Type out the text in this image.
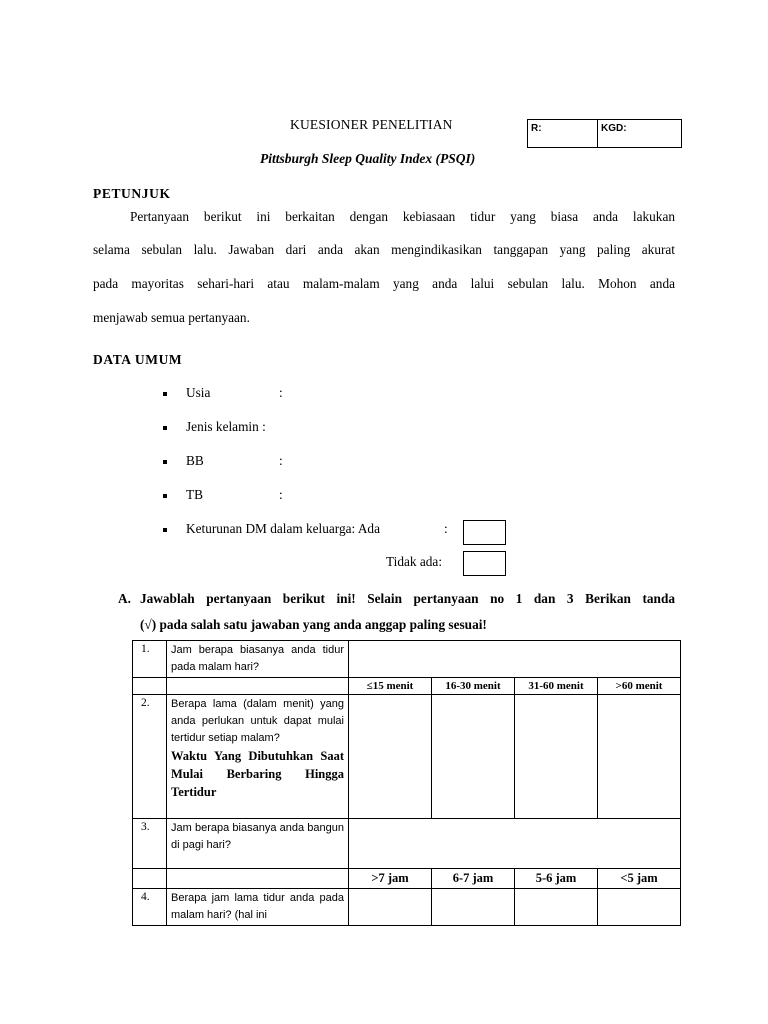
KUESIONER PENELITIAN	R:	KGD:
Pittsburgh Sleep Quality Index (PSQI)
PETUNJUK
Pertanyaan berikut ini berkaitan dengan kebiasaan tidur yang biasa anda lakukan
selama sebulan lalu. Jawaban dari anda akan mengindikasikan tanggapan yang paling akurat
pada mayoritas sehari-hari atau malam-malam yang anda lalui sebulan lalu. Mohon anda
menjawab semua pertanyaan.
DATA UMUM
Usia	:
Jenis kelamin :
BB	:
TB	:
Keturunan DM dalam keluarga: Ada	:
Tidak ada:
A. Jawablah pertanyaan berikut ini! Selain pertanyaan no 1 dan 3 Berikan tanda
(√) pada salah satu jawaban yang anda anggap paling sesuai!
1.	Jam berapa biasanya anda tidur pada malam hari?				
		≤15 menit	16-30 menit	31-60 menit	>60 menit
2.	Berapa lama (dalam menit) yang anda perlukan untuk dapat mulai tertidur setiap malam?
Waktu Yang Dibutuhkan Saat Mulai Berbaring Hingga Tertidur				

3.	Jam berapa biasanya anda bangun di pagi hari?				
		>7 jam	6-7 jam	5-6 jam	<5 jam
4.	Berapa jam lama tidur anda pada malam hari? (hal ini				
